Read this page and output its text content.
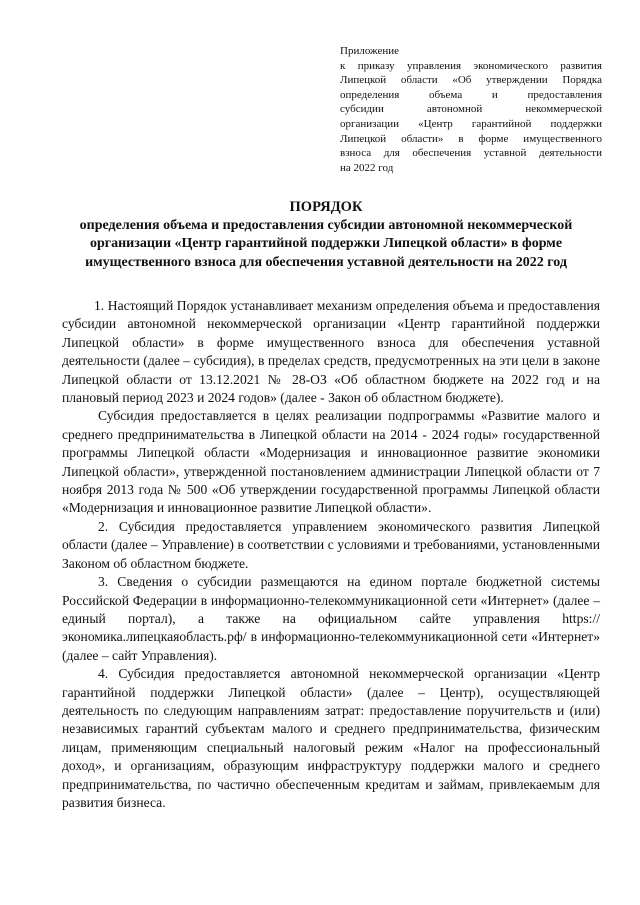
Приложение
к приказу управления экономического развития
Липецкой области «Об утверждении Порядка
определения объема и предоставления
субсидии автономной некоммерческой
организации «Центр гарантийной поддержки
Липецкой области» в форме имущественного
взноса для обеспечения уставной деятельности
на 2022 год
ПОРЯДОК
определения объема и предоставления субсидии автономной некоммерческой организации «Центр гарантийной поддержки Липецкой области» в форме имущественного взноса для обеспечения уставной деятельности на 2022 год

1. Настоящий Порядок устанавливает механизм определения объема и предоставления субсидии автономной некоммерческой организации «Центр гарантийной поддержки Липецкой области» в форме имущественного взноса для обеспечения уставной деятельности (далее – субсидия), в пределах средств, предусмотренных на эти цели в законе Липецкой области от 13.12.2021 № 28-ОЗ «Об областном бюджете на 2022 год и на плановый период 2023 и 2024 годов» (далее - Закон об областном бюджете).

Субсидия предоставляется в целях реализации подпрограммы «Развитие малого и среднего предпринимательства в Липецкой области на 2014 - 2024 годы» государственной программы Липецкой области «Модернизация и инновационное развитие экономики Липецкой области», утвержденной постановлением администрации Липецкой области от 7 ноября 2013 года № 500 «Об утверждении государственной программы Липецкой области «Модернизация и инновационное развитие Липецкой области».

2. Субсидия предоставляется управлением экономического развития Липецкой области (далее – Управление) в соответствии с условиями и требованиями, установленными Законом об областном бюджете.

3. Сведения о субсидии размещаются на едином портале бюджетной системы Российской Федерации в информационно-телекоммуникационной сети «Интернет» (далее – единый портал), а также на официальном сайте управления https://экономика.липецкаяобласть.рф/ в информационно-телекоммуникационной сети «Интернет» (далее – сайт Управления).

4. Субсидия предоставляется автономной некоммерческой организации «Центр гарантийной поддержки Липецкой области» (далее – Центр), осуществляющей деятельность по следующим направлениям затрат: предоставление поручительств и (или) независимых гарантий субъектам малого и среднего предпринимательства, физическим лицам, применяющим специальный налоговый режим «Налог на профессиональный доход», и организациям, образующим инфраструктуру поддержки малого и среднего предпринимательства, по частично обеспеченным кредитам и займам, привлекаемым для развития бизнеса.
